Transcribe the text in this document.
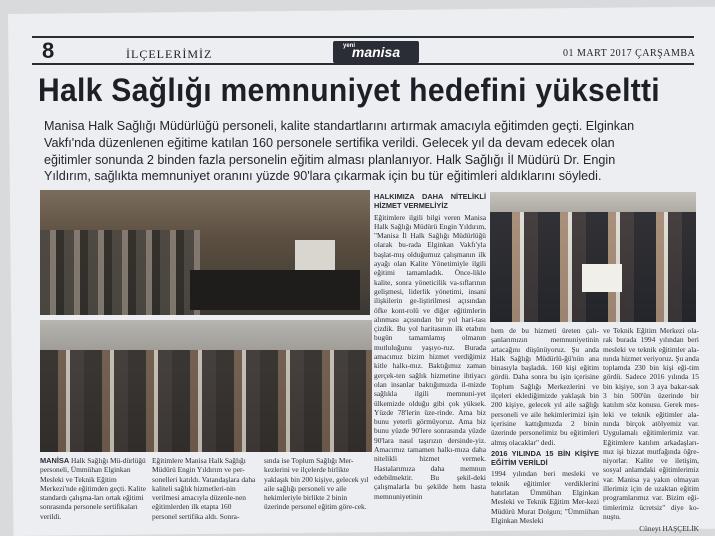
8	İLÇELERİMİZ
yeni
manisa	01 MART 2017 ÇARŞAMBA
Halk Sağlığı memnuniyet hedefini yükseltti

Manisa Halk Sağlığı Müdürlüğü personeli, kalite standartlarını artırmak amacıyla eğitimden geçti. Elginkan

Vakfı'nda düzenlenen eğitime katılan 160 personele sertifika verildi. Gelecek yıl da devam edecek olan

eğitimler sonunda 2 binden fazla personelin eğitim alması planlanıyor. Halk Sağlığı İl Müdürü Dr. Engin

Yıldırım, sağlıkta memnuniyet oranını yüzde 90'lara çıkarmak için bu tür eğitimleri aldıklarını söyledi.

HALKIMIZA DAHA NİTELİKLİ HİZMET VERMELİYİZ

Eğitimlere ilgili bilgi veren Manisa Halk Sağlığı Müdürü Engin Yıldırım, "Manisa İl Halk Sağlığı Müdürlüğü olarak bu-rada Elginkan Vakfı'yla başlat-mış olduğumuz çalışmanın ilk ayağı olan Kalite Yönetimiyle ilgili eğitimi tamamladık. Önce-likle kalite, sonra yöneticilik va-sıflarının gelişmesi, liderlik yönetimi, insani ilişkilerin ge-liştirilmesi açısından öfke kont-rolü ve diğer eğitimlerin alınması açısından bir yol hari-tası çizdik. Bu yol haritasının ilk etabını bugün tamamlamış olmanın mutluluğunu yaşıyo-ruz. Burada amacımız bizim hizmet verdiğimiz kitle halkı-mız. Baktığımız zaman gerçek-ten sağlık hizmetine ihtiyacı olan insanlar baktığımızda il-mizde sağlıkla ilgili memnuni-yet ülkemizde olduğu gibi çok yüksek. Yüzde 78'lerin üze-rinde. Ama biz bunu yeterli görmüyoruz. Ama biz bunu yüzde 90'lere sonrasında yüzde 90'lara nasıl taşırızın dersinde-yiz. Amacımız tamamen halkı-mıza daha nitelikli hizmet vermek. Hastalarımıza daha memnun edebilmektir. Bu şekil-deki çalışmalarla bu şekilde hem hasta memnuniyetinin

hem de bu hizmeti üreten çalı-şanlarımızın memnuniyetinin artacağını düşünüyoruz. Şu anda Halk Sağlığı Müdürlü-ğü'nün ana binasıyla başladık. 160 kişi eğitim gördü. Daha sonra bu işin içerisine Toplum Sağlığı Merkezlerini ve ilçeleri eklediğimizde yaklaşık bin 200 kişiye, gelecek yıl aile sağlığı personeli ve aile hekimlerimizi işin içerisine kattığımızda 2 binin üzerinde personelimiz bu eğitimleri almış olacaklar" dedi.

2016 YILINDA 15 BİN KİŞİYE EĞİTİM VERİLDİ

1994 yılından beri mesleki ve teknik eğitimler verdiklerini hatırlatan Ümmühan Elginkan Mesleki ve Teknik Eğitim Mer-kezi Müdürü Murat Dolgun; "Ümmühan Elginkan Mesleki

ve Teknik Eğitim Merkezi ola-rak burada 1994 yılından beri mesleki ve teknik eğitimler ala-nında hizmet veriyoruz. Şu anda toplamda 230 bin kişi eği-tim gördü. Sadece 2016 yılında 15 bin kişiye, son 3 aya bakar-sak 3 bin 500'ün üzerinde bir katılım söz konusu. Gerek mes-leki ve teknik eğitimler ala-nında birçok atölyemiz var. Uygulamalı eğitimlerimiz var. Eğitimlere katılım arkadaşları-mız işi bizzat mutfağında öğre-niyorlar. Kalite ve iletişim, sosyal anlamdaki eğitimlerimiz var. Manisa ya yakın olmayan illerimiz için de uzaktan eğitim programlarımız var. Bizim eği-timlerimiz ücretsiz" diye ko-nuştu.

Cüneyt HAŞÇELİK

MANİSA Halk Sağlığı Mü-dürlüğü personeli, Ümmühan Elginkan Mesleki ve Teknik Eğitim Merkezi'nde eğitimden geçti. Kalite standardı çalışma-ları ortak eğitimi sonrasında personele sertifikaları verildi.
Eğitimlere Manisa Halk Sağlığı Müdürü Engin Yıldırım ve per-sonelleri katıldı. Vatandaşlara daha kaliteli sağlık hizmetleri-nin verilmesi amacıyla düzenle-nen eğitimlerden ilk etapta 160 personel sertifika aldı. Sonra-
sında ise Toplum Sağlığı Mer-kezlerini ve ilçelerde birlikte yaklaşık bin 200 kişiye, gelecek yıl aile sağlığı personeli ve aile hekimleriyle birlikte 2 binin üzerinde personel eğitim göre-cek.
